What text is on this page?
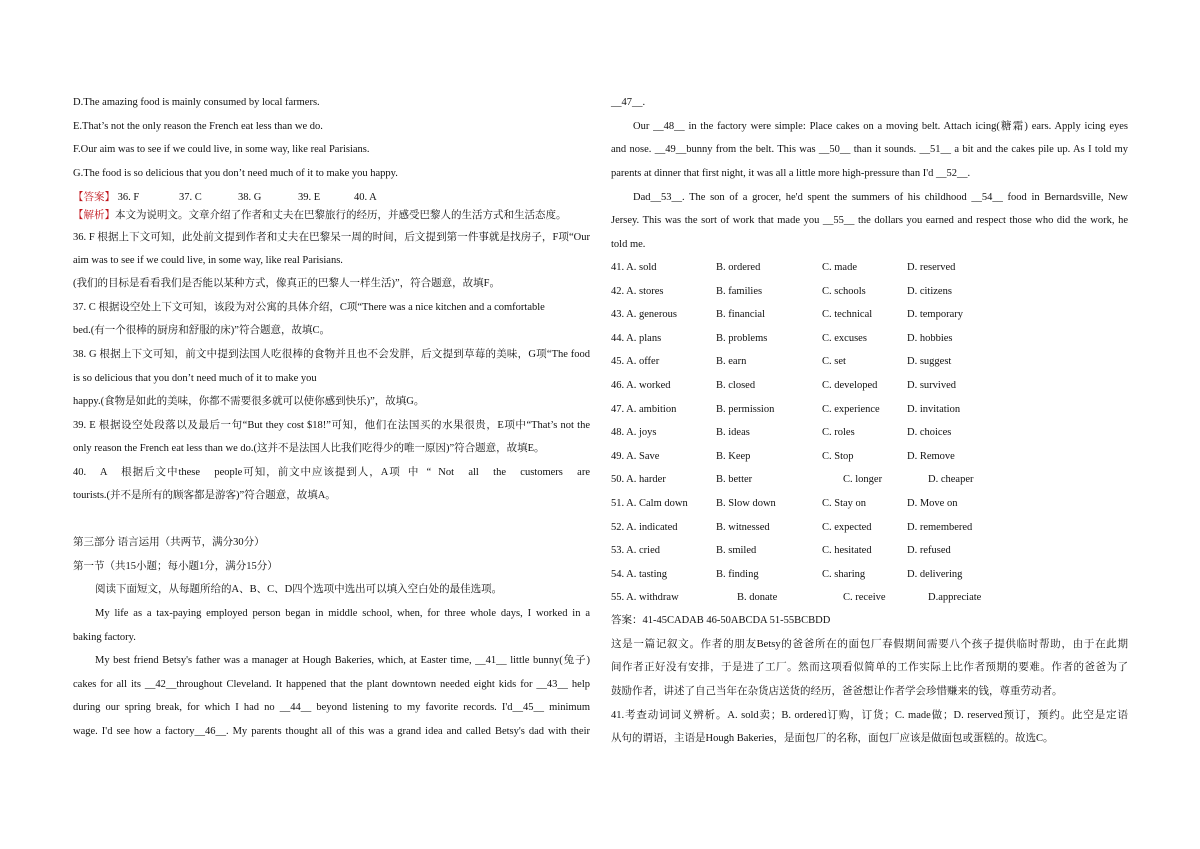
D.The amazing food is mainly consumed by local farmers.
E.That’s not the only reason the French eat less than we do.
F.Our aim was to see if we could live, in some way, like real Parisians.
G.The food is so delicious that you don’t need much of it to make you happy.
【答案】 36. F	37. C	38. G	39. E	40. A
【解析】本文为说明文。文章介绍了作者和丈夫在巴黎旅行的经历，并感受巴黎人的生活方式和生活态度。
36. F 根据上下文可知，此处前文提到作者和丈夫在巴黎呆一周的时间，后文提到第一件事就是找房子，F项“Our
aim was to see if we could live, in some way, like real Parisians.
(我们的目标是看看我们是否能以某种方式，像真正的巴黎人一样生活)”，符合题意，故填F。
37. C 根据设空处上下文可知，该段为对公寓的具体介绍，C项“There was a nice kitchen and a comfortable
bed.(有一个很棒的厨房和舒服的床)”符合题意，故填C。
38. G 根据上下文可知，前文中提到法国人吃很棒的食物并且也不会发胖，后文提到草莓的美味，G项“The food
is so delicious that you don’t need much of it to make you
happy.(食物是如此的美味，你都不需要很多就可以使你感到快乐)”，故填G。
39. E 根据设空处段落以及最后一句“But they cost $18!”可知，他们在法国买的水果很贵，E项中“That’s not the
only reason the French eat less than we do.(这并不是法国人比我们吃得少的唯一原因)”符合题意，故填E。
40.    A    根据后文中these    people可知，前文中应该提到人，A项  中  “  Not    all    the    customers    are
tourists.(并不是所有的顾客都是游客)”符合题意，故填A。
第三部分 语言运用（共两节，满分30分）
第一节（共15小题；每小题1分，满分15分）
阅读下面短文，从每题所给的A、B、C、D四个选项中选出可以填入空白处的最佳选项。
My life as a tax-paying employed person began in middle school, when, for three whole days, I worked in a
baking factory.
My best friend Betsy's father was a manager at Hough Bakeries, which, at Easter time, __41__ little bunny(兔子)
cakes for all its __42__throughout Cleveland. It happened that the plant downtown needed eight kids for __43__ help
during our spring break, for which I had no __44__ beyond listening to my favorite records. I'd__45__ minimum
wage. I'd see how a factory__46__. My parents thought all of this was a grand idea and called Betsy's dad with their
__47__.
Our __48__ in the factory were simple: Place cakes on a moving belt. Attach icing(糖霜) ears. Apply icing eyes
and nose. __49__bunny from the belt. This was __50__ than it sounds. __51__ a bit and the cakes pile up. As I told my
parents at dinner that first night, it was all a little more high-pressure than I'd __52__.
Dad__53__. The son of a grocer, he'd spent the summers of his childhood __54__ food in Bernardsville, New
Jersey. This was the sort of work that made you __55__ the dollars you earned and respect those who did the work, he
told me.
41. A. sold	B. ordered	C. made	D. reserved
42. A. stores	B. families	C. schools	D. citizens
43. A. generous	B. financial	C. technical	D. temporary
44. A. plans	B. problems	C. excuses	D. hobbies
45. A. offer	B. earn	C. set	D. suggest
46. A. worked	B. closed	C. developed	D. survived
47. A. ambition	B. permission	C. experience	D. invitation
48. A. joys	B. ideas	C. roles	D. choices
49. A. Save	B. Keep	C. Stop	D. Remove
50. A. harder	B. better	C. longer	D. cheaper
51. A. Calm down	B. Slow down	C. Stay on	D. Move on
52. A. indicated	B. witnessed	C. expected	D. remembered
53. A. cried	B. smiled	C. hesitated	D. refused
54. A. tasting	B. finding	C. sharing	D. delivering
55. A. withdraw	B. donate	C. receive	D.appreciate
答案：41-45CADAB 46-50ABCDA 51-55BCBDD
这是一篇记叙文。作者的朋友Betsy的爸爸所在的面包厂春假期间需要八个孩子提供临时帮助，由于在此期
间作者正好没有安排，于是进了工厂。然而这项看似简单的工作实际上比作者预期的要难。作者的爸爸为了
鼓励作者，讲述了自己当年在杂货店送货的经历，爸爸想让作者学会珍惜赚来的钱，尊重劳动者。
41.考查动词词义辨析。A. sold卖；B. ordered订购，订货；C. made做；D. reserved预订，预约。此空是定语
从句的谓语，主语是Hough Bakeries，是面包厂的名称，面包厂应该是做面包或蛋糕的。故选C。
